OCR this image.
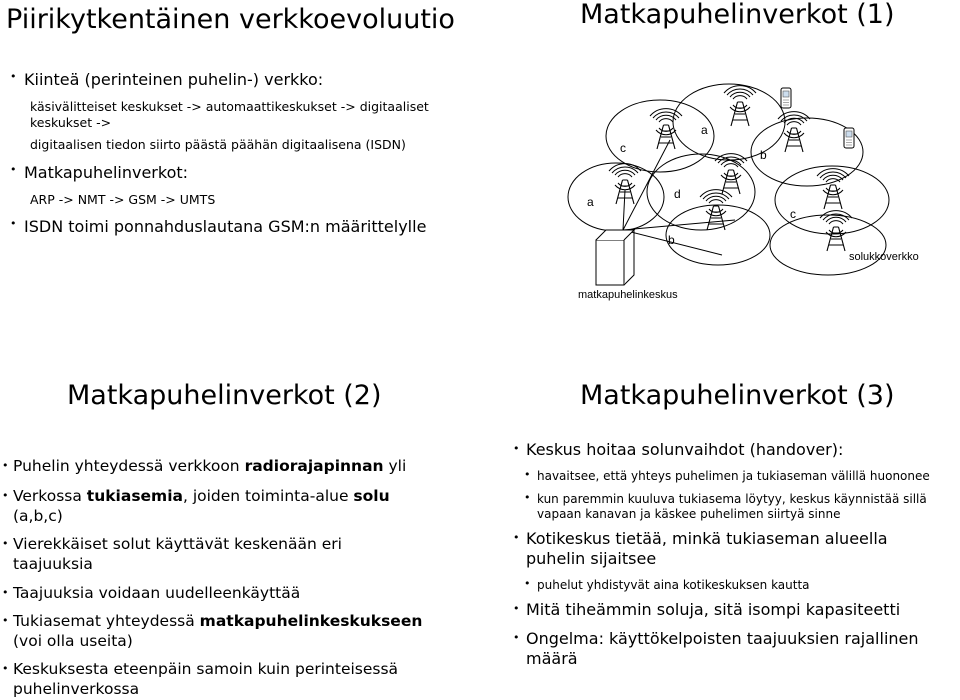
Piirikytkentäinen verkkoevoluutio
• Kiinteä (perinteinen puhelin-) verkko:
käsivälitteiset keskukset -> automaattikeskukset -> digitaaliset
keskukset ->
digitaalisen tiedon siirto päästä päähän digitaalisena (ISDN)
• Matkapuhelinverkot:
ARP -> NMT -> GSM -> UMTS
• ISDN toimi ponnahduslautana GSM:n määrittelylle
Matkapuhelinverkot (1)
a
c
a
b
d
c
b
solukkoverkko
matkapuhelinkeskus
Matkapuhelinverkot (2)
• Puhelin yhteydessä verkkoon radiorajapinnan yli
• Verkossa tukiasemia, joiden toiminta-alue solu
(a,b,c)
• Vierekkäiset solut käyttävät keskenään eri
taajuuksia
• Taajuuksia voidaan uudelleenkäyttää
• Tukiasemat yhteydessä matkapuhelinkeskukseen
(voi olla useita)
• Keskuksesta eteenpäin samoin kuin perinteisessä
puhelinverkossa
Matkapuhelinverkot (3)
• Keskus hoitaa solunvaihdot (handover):
• havaitsee, että yhteys puhelimen ja tukiaseman välillä huononee
• kun paremmin kuuluva tukiasema löytyy, keskus käynnistää sillä
vapaan kanavan ja käskee puhelimen siirtyä sinne
• Kotikeskus tietää, minkä tukiaseman alueella
puhelin sijaitsee
• puhelut yhdistyvät aina kotikeskuksen kautta
• Mitä tiheämmin soluja, sitä isompi kapasiteetti
• Ongelma: käyttökelpoisten taajuuksien rajallinen
määrä
